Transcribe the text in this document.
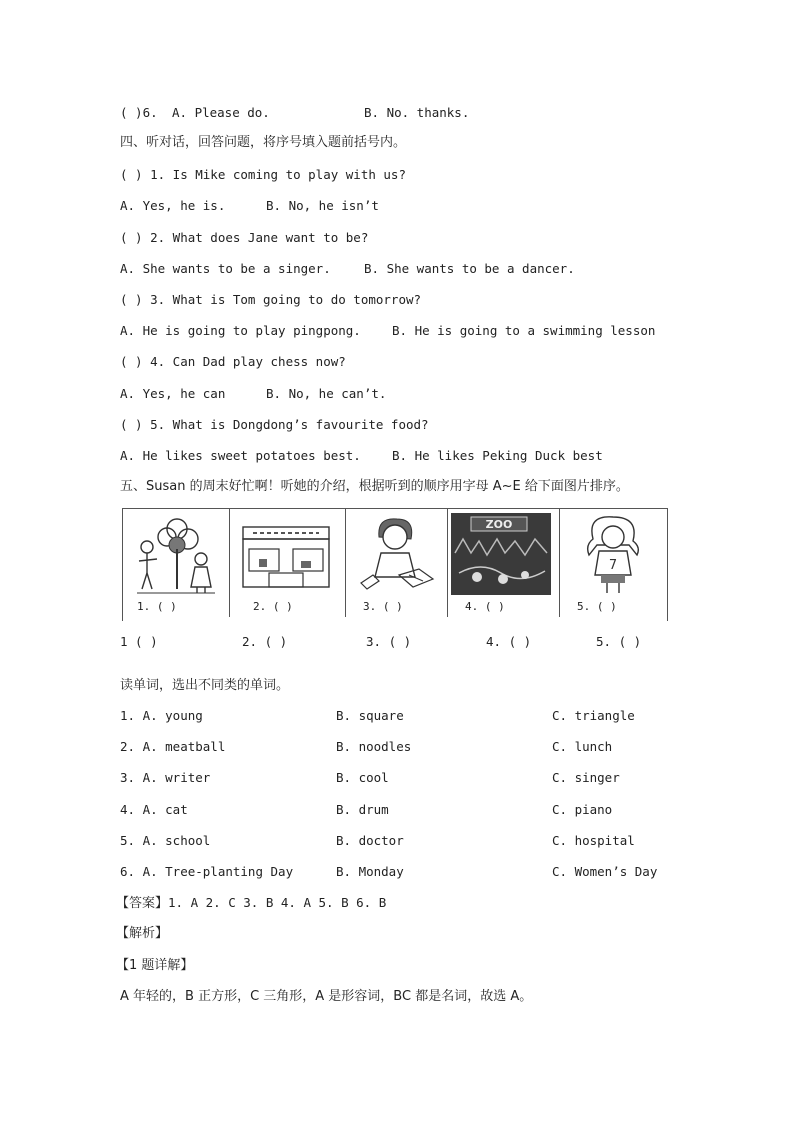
( )6. A. Please do.	B. No. thanks.
四、听对话，回答问题，将序号填入题前括号内。
( ) 1. Is Mike coming to play with us?
A. Yes, he is.	B. No, he isn’t
( ) 2. What does Jane want to be?
A. She wants to be a singer.	B. She wants to be a dancer.
( ) 3. What is Tom going to do tomorrow?
A. He is going to play pingpong. B. He is going to a swimming lesson
( ) 4. Can Dad play chess now?
A. Yes, he can	B. No, he can’t.
( ) 5. What is Dongdong’s favourite food?
A. He likes sweet potatoes best. B. He likes Peking Duck best
五、Susan 的周末好忙啊！听她的介绍，根据听到的顺序用字母 A~E 给下面图片排序。
1. ( )	2. ( )	3. ( )
ZOO
4. ( )
7
5. ( )
1 ( )	2. ( )	3. ( )	4. ( )	5. ( )
读单词，选出不同类的单词。
1. A. young	B. square	C. triangle
2. A. meatball	B. noodles	C. lunch
3. A. writer	B. cool	C. singer
4. A. cat	B. drum	C. piano
5. A. school	B. doctor	C. hospital
6. A. Tree-planting Day	B. Monday	C. Women’s Day
【答案】1. A 2. C 3. B 4. A 5. B 6. B
【解析】
【1 题详解】
A 年轻的，B 正方形，C 三角形，A 是形容词，BC 都是名词，故选 A。
